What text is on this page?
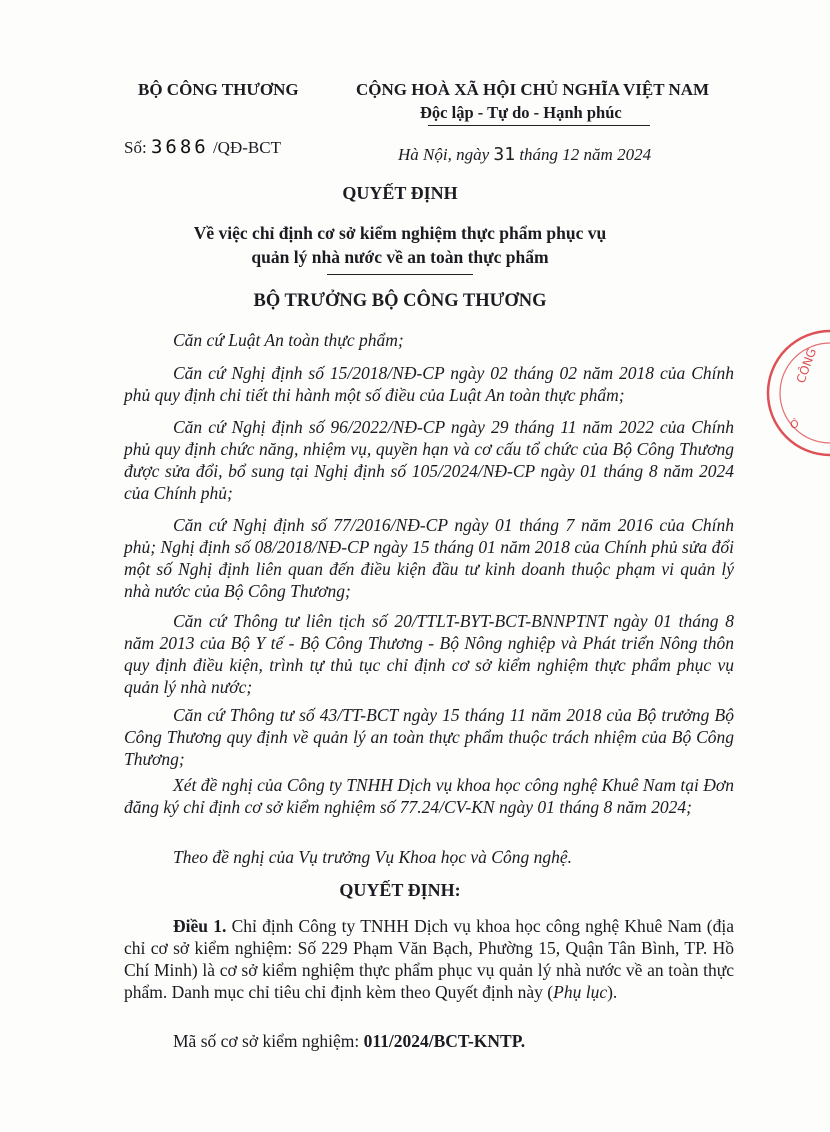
BỘ CÔNG THƯƠNG	CỘNG HOÀ XÃ HỘI CHỦ NGHĨA VIỆT NAM
Độc lập - Tự do - Hạnh phúc
Số: 3686 /QĐ-BCT	Hà Nội, ngày 31 tháng 12 năm 2024
QUYẾT ĐỊNH
Về việc chỉ định cơ sở kiểm nghiệm thực phẩm phục vụ
quản lý nhà nước về an toàn thực phẩm
BỘ TRƯỞNG BỘ CÔNG THƯƠNG
Căn cứ Luật An toàn thực phẩm;
Căn cứ Nghị định số 15/2018/NĐ-CP ngày 02 tháng 02 năm 2018 của Chính phủ quy định chi tiết thi hành một số điều của Luật An toàn thực phẩm;
Căn cứ Nghị định số 96/2022/NĐ-CP ngày 29 tháng 11 năm 2022 của Chính phủ quy định chức năng, nhiệm vụ, quyền hạn và cơ cấu tổ chức của Bộ Công Thương được sửa đổi, bổ sung tại Nghị định số 105/2024/NĐ-CP ngày 01 tháng 8 năm 2024 của Chính phủ;
Căn cứ Nghị định số 77/2016/NĐ-CP ngày 01 tháng 7 năm 2016 của Chính phủ; Nghị định số 08/2018/NĐ-CP ngày 15 tháng 01 năm 2018 của Chính phủ sửa đổi một số Nghị định liên quan đến điều kiện đầu tư kinh doanh thuộc phạm vi quản lý nhà nước của Bộ Công Thương;
Căn cứ Thông tư liên tịch số 20/TTLT-BYT-BCT-BNNPTNT ngày 01 tháng 8 năm 2013 của Bộ Y tế - Bộ Công Thương - Bộ Nông nghiệp và Phát triển Nông thôn quy định điều kiện, trình tự thủ tục chỉ định cơ sở kiểm nghiệm thực phẩm phục vụ quản lý nhà nước;
Căn cứ Thông tư số 43/TT-BCT ngày 15 tháng 11 năm 2018 của Bộ trưởng Bộ Công Thương quy định về quản lý an toàn thực phẩm thuộc trách nhiệm của Bộ Công Thương;
Xét đề nghị của Công ty TNHH Dịch vụ khoa học công nghệ Khuê Nam tại Đơn đăng ký chỉ định cơ sở kiểm nghiệm số 77.24/CV-KN ngày 01 tháng 8 năm 2024;
Theo đề nghị của Vụ trưởng Vụ Khoa học và Công nghệ.
QUYẾT ĐỊNH:
Điều 1. Chỉ định Công ty TNHH Dịch vụ khoa học công nghệ Khuê Nam (địa chỉ cơ sở kiểm nghiệm: Số 229 Phạm Văn Bạch, Phường 15, Quận Tân Bình, TP. Hồ Chí Minh) là cơ sở kiểm nghiệm thực phẩm phục vụ quản lý nhà nước về an toàn thực phẩm. Danh mục chỉ tiêu chỉ định kèm theo Quyết định này (Phụ lục).
Mã số cơ sở kiểm nghiệm: 011/2024/BCT-KNTP.
CÔNG
Ô
